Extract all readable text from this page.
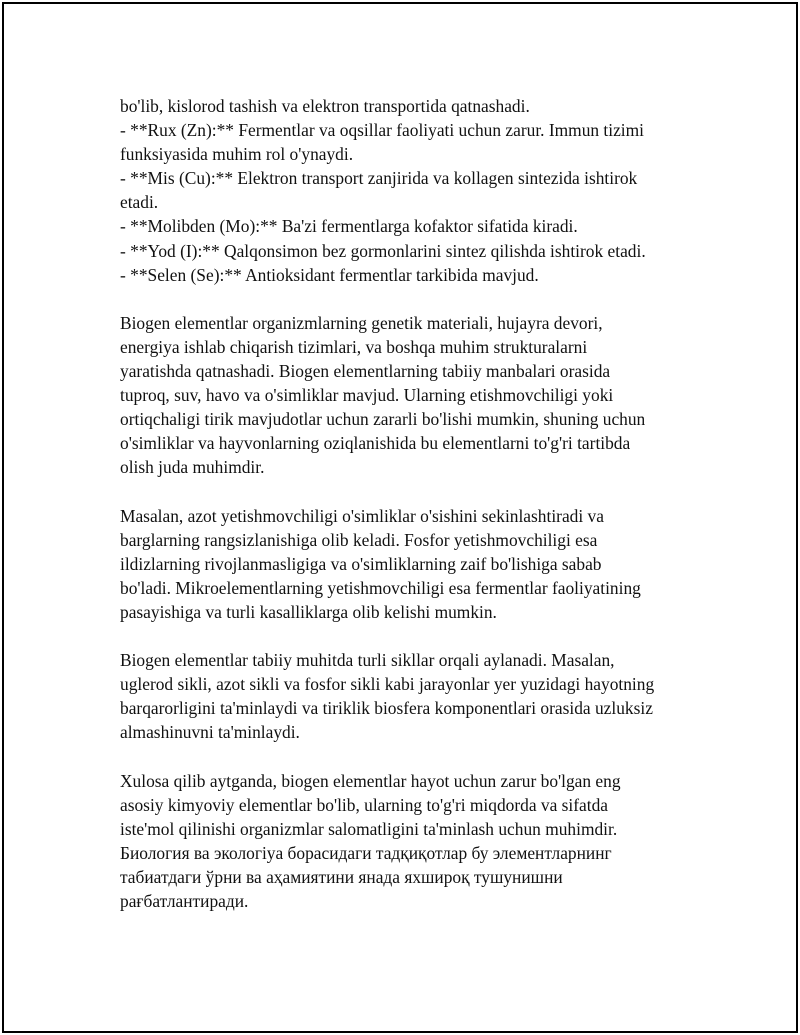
bo'lib, kislorod tashish va elektron transportida qatnashadi.
- **Rux (Zn):** Fermentlar va oqsillar faoliyati uchun zarur. Immun tizimi
funksiyasida muhim rol o'ynaydi.
- **Mis (Cu):** Elektron transport zanjirida va kollagen sintezida ishtirok
etadi.
- **Molibden (Mo):** Ba'zi fermentlarga kofaktor sifatida kiradi.
- **Yod (I):** Qalqonsimon bez gormonlarini sintez qilishda ishtirok etadi.
- **Selen (Se):** Antioksidant fermentlar tarkibida mavjud.
Biogen elementlar organizmlarning genetik materiali, hujayra devori,
energiya ishlab chiqarish tizimlari, va boshqa muhim strukturalarni
yaratishda qatnashadi. Biogen elementlarning tabiiy manbalari orasida
tuproq, suv, havo va o'simliklar mavjud. Ularning etishmovchiligi yoki
ortiqchaligi tirik mavjudotlar uchun zararli bo'lishi mumkin, shuning uchun
o'simliklar va hayvonlarning oziqlanishida bu elementlarni to'g'ri tartibda
olish juda muhimdir.
Masalan, azot yetishmovchiligi o'simliklar o'sishini sekinlashtiradi va
barglarning rangsizlanishiga olib keladi. Fosfor yetishmovchiligi esa
ildizlarning rivojlanmasligiga va o'simliklarning zaif bo'lishiga sabab
bo'ladi. Mikroelementlarning yetishmovchiligi esa fermentlar faoliyatining
pasayishiga va turli kasalliklarga olib kelishi mumkin.
Biogen elementlar tabiiy muhitda turli sikllar orqali aylanadi. Masalan,
uglerod sikli, azot sikli va fosfor sikli kabi jarayonlar yer yuzidagi hayotning
barqarorligini ta'minlaydi va tiriklik biosfera komponentlari orasida uzluksiz
almashinuvni ta'minlaydi.
Xulosa qilib aytganda, biogen elementlar hayot uchun zarur bo'lgan eng
asosiy kimyoviy elementlar bo'lib, ularning to'g'ri miqdorda va sifatda
iste'mol qilinishi organizmlar salomatligini ta'minlash uchun muhimdir.
Биология ва экологiya борасидаги тадқиқотлар бу элементларнинг
табиатдаги ўрни ва аҳамиятини янада яхшироқ тушунишни
рағбатлантиради.
